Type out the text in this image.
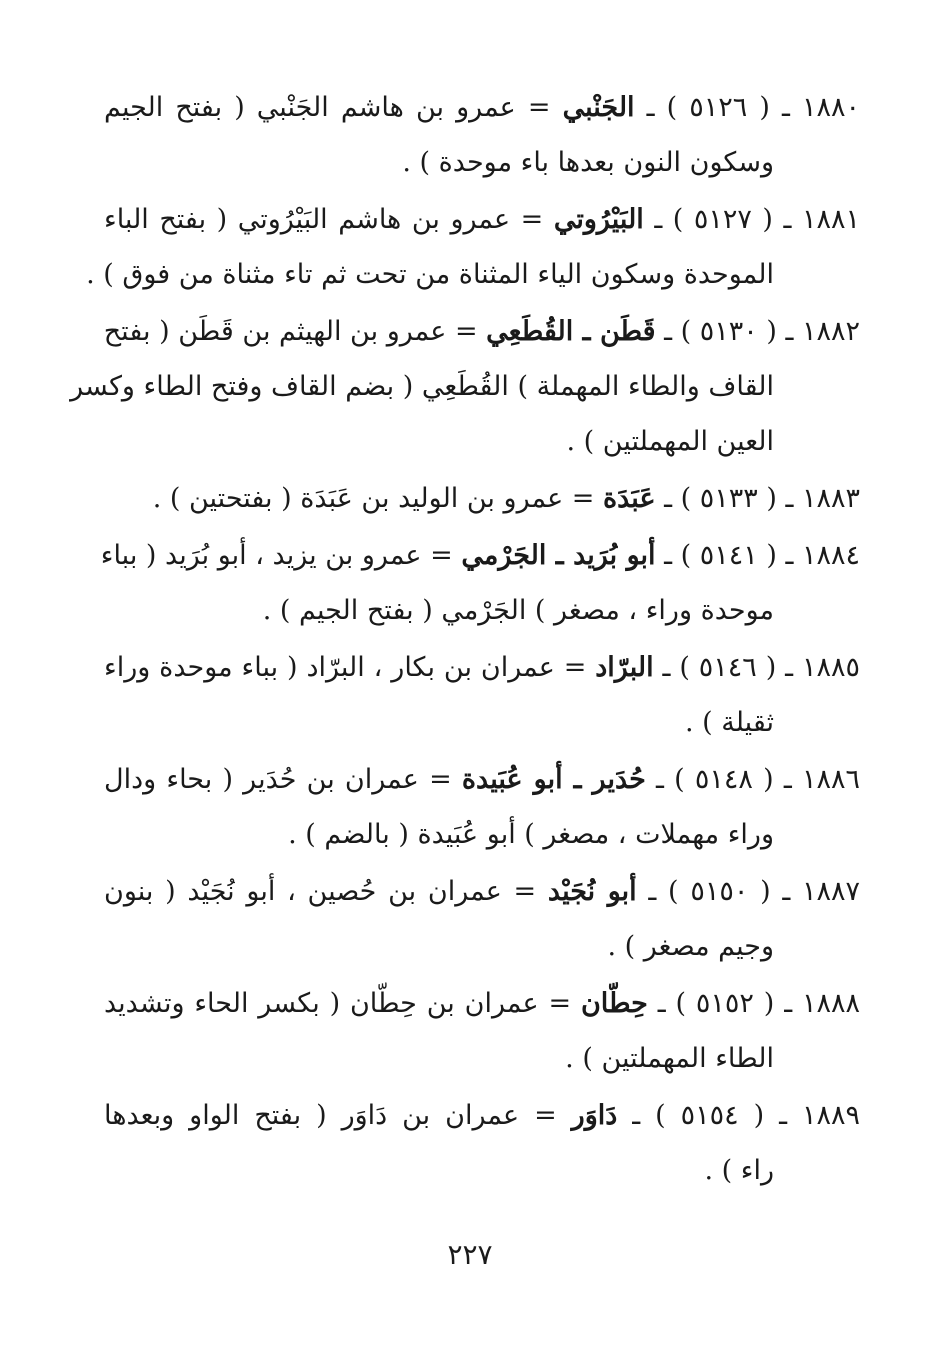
١٨٨٠ ـ ( ٥١٢٦ ) ـ الجَنْبي = عمرو بن هاشم الجَنْبي ( بفتح الجيم
وسكون النون بعدها باء موحدة ) .
١٨٨١ ـ ( ٥١٢٧ ) ـ البَيْرُوتي = عمرو بن هاشم البَيْرُوتي ( بفتح الباء
الموحدة وسكون الياء المثناة من تحت ثم تاء مثناة من فوق ) .
١٨٨٢ ـ ( ٥١٣٠ ) ـ قَطَن ـ القُطَعِي = عمرو بن الهيثم بن قَطَن ( بفتح
القاف والطاء المهملة ) القُطَعِي ( بضم القاف وفتح الطاء وكسر
العين المهملتين ) .
١٨٨٣ ـ ( ٥١٣٣ ) ـ عَبَدَة = عمرو بن الوليد بن عَبَدَة ( بفتحتين ) .
١٨٨٤ ـ ( ٥١٤١ ) ـ أبو بُرَيد ـ الجَرْمي = عمرو بن يزيد ، أبو بُرَيد ( بباء
موحدة وراء ، مصغر ) الجَرْمي ( بفتح الجيم ) .
١٨٨٥ ـ ( ٥١٤٦ ) ـ البرّاد = عمران بن بكار ، البرّاد ( بباء موحدة وراء
ثقيلة ) .
١٨٨٦ ـ ( ٥١٤٨ ) ـ حُدَير ـ أبو عُبَيدة = عمران بن حُدَير ( بحاء ودال
وراء مهملات ، مصغر ) أبو عُبَيدة ( بالضم ) .
١٨٨٧ ـ ( ٥١٥٠ ) ـ أبو نُجَيْد = عمران بن حُصين ، أبو نُجَيْد ( بنون
وجيم مصغر ) .
١٨٨٨ ـ ( ٥١٥٢ ) ـ حِطّان = عمران بن حِطّان ( بكسر الحاء وتشديد
الطاء المهملتين ) .
١٨٨٩ ـ ( ٥١٥٤ ) ـ دَاوَر = عمران بن دَاوَر ( بفتح الواو وبعدها
راء ) .
٢٢٧
